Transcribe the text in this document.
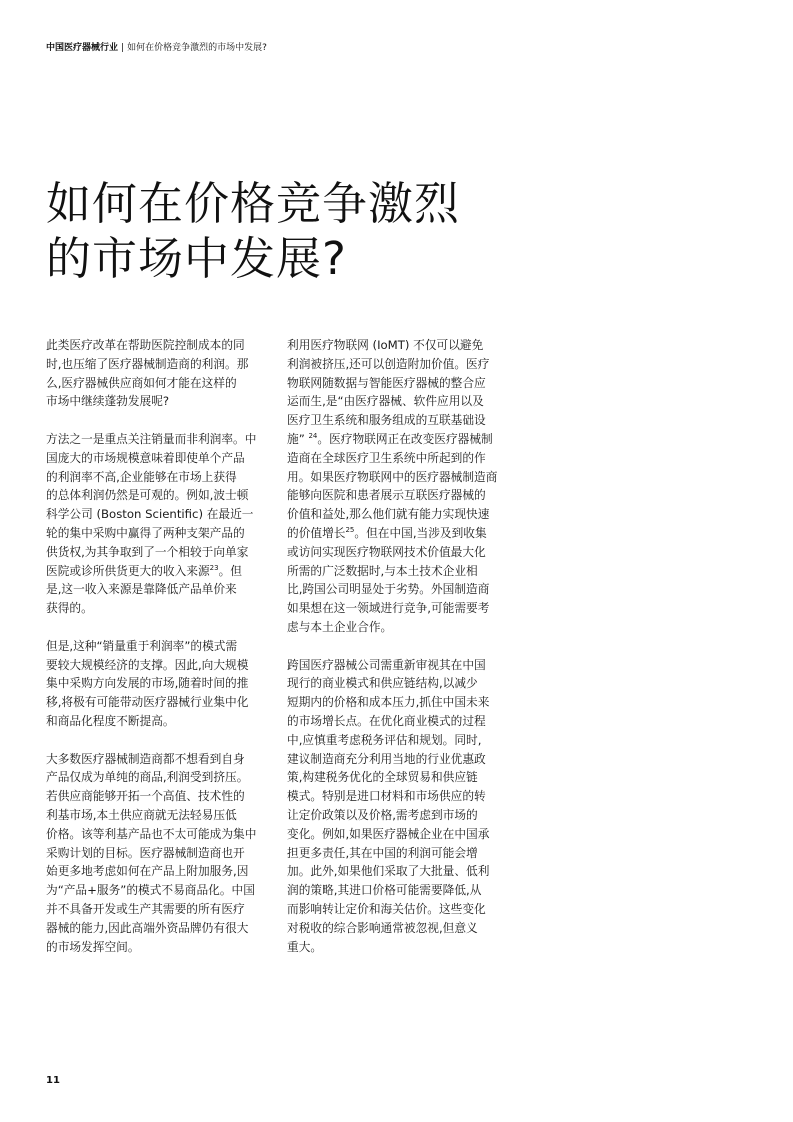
中国医疗器械行业 | 如何在价格竞争激烈的市场中发展?
如何在价格竞争激烈
的市场中发展?

此类医疗改革在帮助医院控制成本的同
时,也压缩了医疗器械制造商的利润。那
么,医疗器械供应商如何才能在这样的
市场中继续蓬勃发展呢?

方法之一是重点关注销量而非利润率。中
国庞大的市场规模意味着即使单个产品
的利润率不高,企业能够在市场上获得
的总体利润仍然是可观的。例如,波士顿
科学公司 (Boston Scientific) 在最近一
轮的集中采购中赢得了两种支架产品的
供货权,为其争取到了一个相较于向单家
医院或诊所供货更大的收入来源$^{23}$。但
是,这一收入来源是靠降低产品单价来
获得的。

但是,这种“销量重于利润率”的模式需
要较大规模经济的支撑。因此,向大规模
集中采购方向发展的市场,随着时间的推
移,将极有可能带动医疗器械行业集中化
和商品化程度不断提高。

大多数医疗器械制造商都不想看到自身
产品仅成为单纯的商品,利润受到挤压。
若供应商能够开拓一个高值、技术性的
利基市场,本土供应商就无法轻易压低
价格。该等利基产品也不太可能成为集中
采购计划的目标。医疗器械制造商也开
始更多地考虑如何在产品上附加服务,因
为“产品+服务”的模式不易商品化。中国
并不具备开发或生产其需要的所有医疗
器械的能力,因此高端外资品牌仍有很大
的市场发挥空间。

利用医疗物联网 (IoMT) 不仅可以避免
利润被挤压,还可以创造附加价值。医疗
物联网随数据与智能医疗器械的整合应
运而生,是“由医疗器械、软件应用以及
医疗卫生系统和服务组成的互联基础设
施” $^{24}$。医疗物联网正在改变医疗器械制
造商在全球医疗卫生系统中所起到的作
用。如果医疗物联网中的医疗器械制造商
能够向医院和患者展示互联医疗器械的
价值和益处,那么他们就有能力实现快速
的价值增长$^{25}$。但在中国,当涉及到收集
或访问实现医疗物联网技术价值最大化
所需的广泛数据时,与本土技术企业相
比,跨国公司明显处于劣势。外国制造商
如果想在这一领域进行竞争,可能需要考
虑与本土企业合作。

跨国医疗器械公司需重新审视其在中国
现行的商业模式和供应链结构,以减少
短期内的价格和成本压力,抓住中国未来
的市场增长点。在优化商业模式的过程
中,应慎重考虑税务评估和规划。同时,
建议制造商充分利用当地的行业优惠政
策,构建税务优化的全球贸易和供应链
模式。特别是进口材料和市场供应的转
让定价政策以及价格,需考虑到市场的
变化。例如,如果医疗器械企业在中国承
担更多责任,其在中国的利润可能会增
加。此外,如果他们采取了大批量、低利
润的策略,其进口价格可能需要降低,从
而影响转让定价和海关估价。这些变化
对税收的综合影响通常被忽视,但意义
重大。

11
